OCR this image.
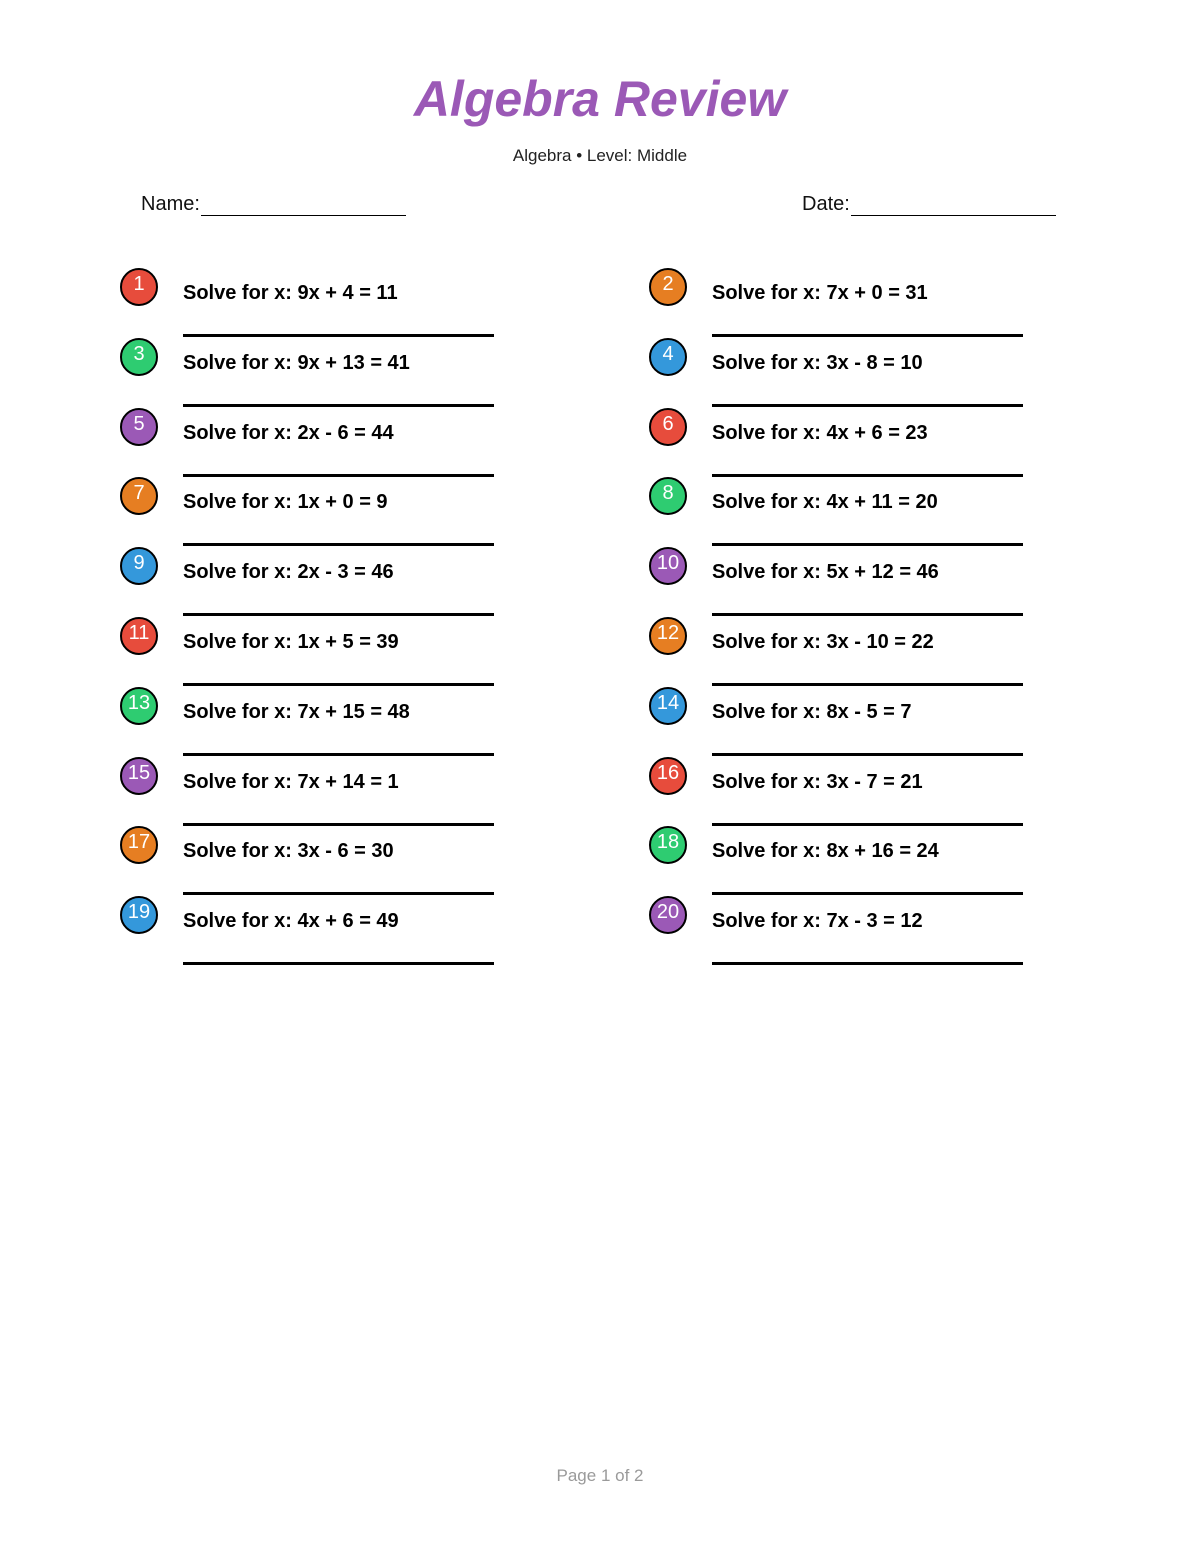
Algebra Review
Algebra • Level: Middle
Name:	Date:
1 Solve for x: 9x + 4 = 11	2 Solve for x: 7x + 0 = 31
3 Solve for x: 9x + 13 = 41	4 Solve for x: 3x - 8 = 10
5 Solve for x: 2x - 6 = 44	6 Solve for x: 4x + 6 = 23
7 Solve for x: 1x + 0 = 9	8 Solve for x: 4x + 11 = 20
9 Solve for x: 2x - 3 = 46	10 Solve for x: 5x + 12 = 46
11 Solve for x: 1x + 5 = 39	12 Solve for x: 3x - 10 = 22
13 Solve for x: 7x + 15 = 48	14 Solve for x: 8x - 5 = 7
15 Solve for x: 7x + 14 = 1	16 Solve for x: 3x - 7 = 21
17 Solve for x: 3x - 6 = 30	18 Solve for x: 8x + 16 = 24
19 Solve for x: 4x + 6 = 49	20 Solve for x: 7x - 3 = 12
Page 1 of 2
